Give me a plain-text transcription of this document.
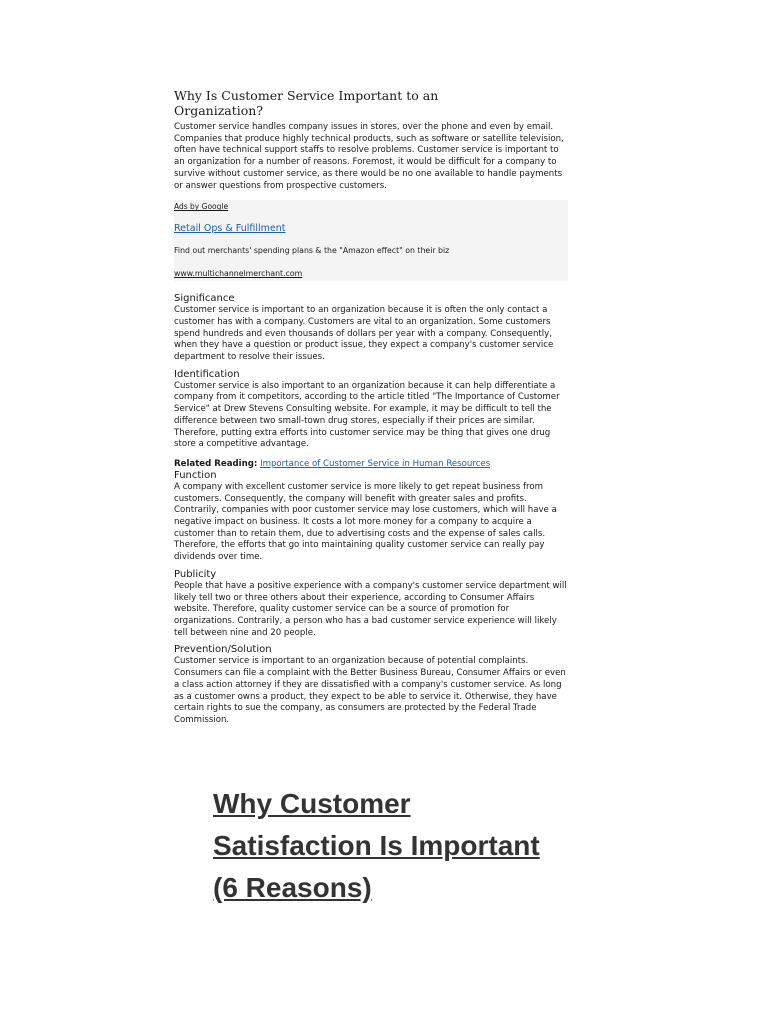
Why Is Customer Service Important to an Organization?

Customer service handles company issues in stores, over the phone and even by email. Companies that produce highly technical products, such as software or satellite television, often have technical support staffs to resolve problems. Customer service is important to an organization for a number of reasons. Foremost, it would be difficult for a company to survive without customer service, as there would be no one available to handle payments or answer questions from prospective customers.

Ads by Google
Retail Ops & Fulfillment
Find out merchants' spending plans & the "Amazon effect" on their biz
www.multichannelmerchant.com
Significance

Customer service is important to an organization because it is often the only contact a customer has with a company. Customers are vital to an organization. Some customers spend hundreds and even thousands of dollars per year with a company. Consequently, when they have a question or product issue, they expect a company's customer service department to resolve their issues.

Identification

Customer service is also important to an organization because it can help differentiate a company from it competitors, according to the article titled "The Importance of Customer Service" at Drew Stevens Consulting website. For example, it may be difficult to tell the difference between two small-town drug stores, especially if their prices are similar. Therefore, putting extra efforts into customer service may be thing that gives one drug store a competitive advantage.

Related Reading: Importance of Customer Service in Human Resources
Function

A company with excellent customer service is more likely to get repeat business from customers. Consequently, the company will benefit with greater sales and profits. Contrarily, companies with poor customer service may lose customers, which will have a negative impact on business. It costs a lot more money for a company to acquire a customer than to retain them, due to advertising costs and the expense of sales calls. Therefore, the efforts that go into maintaining quality customer service can really pay dividends over time.

Publicity

People that have a positive experience with a company's customer service department will likely tell two or three others about their experience, according to Consumer Affairs website. Therefore, quality customer service can be a source of promotion for organizations. Contrarily, a person who has a bad customer service experience will likely tell between nine and 20 people.

Prevention/Solution

Customer service is important to an organization because of potential complaints. Consumers can file a complaint with the Better Business Bureau, Consumer Affairs or even a class action attorney if they are dissatisfied with a company's customer service. As long as a customer owns a product, they expect to be able to service it. Otherwise, they have certain rights to sue the company, as consumers are protected by the Federal Trade Commission.

Why Customer Satisfaction Is Important (6 Reasons)
